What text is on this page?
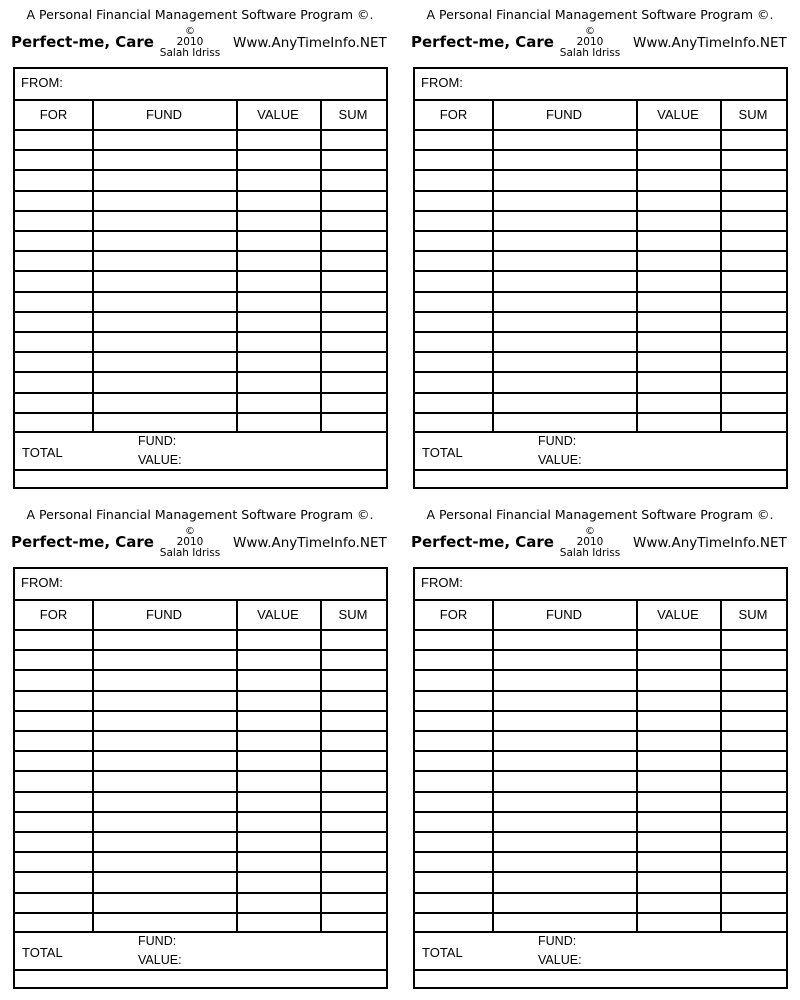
A Personal Financial Management Software Program ©.
Perfect-me, Care
©
2010
Salah Idriss
Www.AnyTimeInfo.NET
FROM:
FOR	FUND	VALUE	SUM
TOTAL
FUND:
VALUE:
A Personal Financial Management Software Program ©.
Perfect-me, Care
©
2010
Salah Idriss
Www.AnyTimeInfo.NET
FROM:
FOR	FUND	VALUE	SUM
TOTAL
FUND:
VALUE:
A Personal Financial Management Software Program ©.
Perfect-me, Care
©
2010
Salah Idriss
Www.AnyTimeInfo.NET
FROM:
FOR	FUND	VALUE	SUM
TOTAL
FUND:
VALUE:
A Personal Financial Management Software Program ©.
Perfect-me, Care
©
2010
Salah Idriss
Www.AnyTimeInfo.NET
FROM:
FOR	FUND	VALUE	SUM
TOTAL
FUND:
VALUE:
